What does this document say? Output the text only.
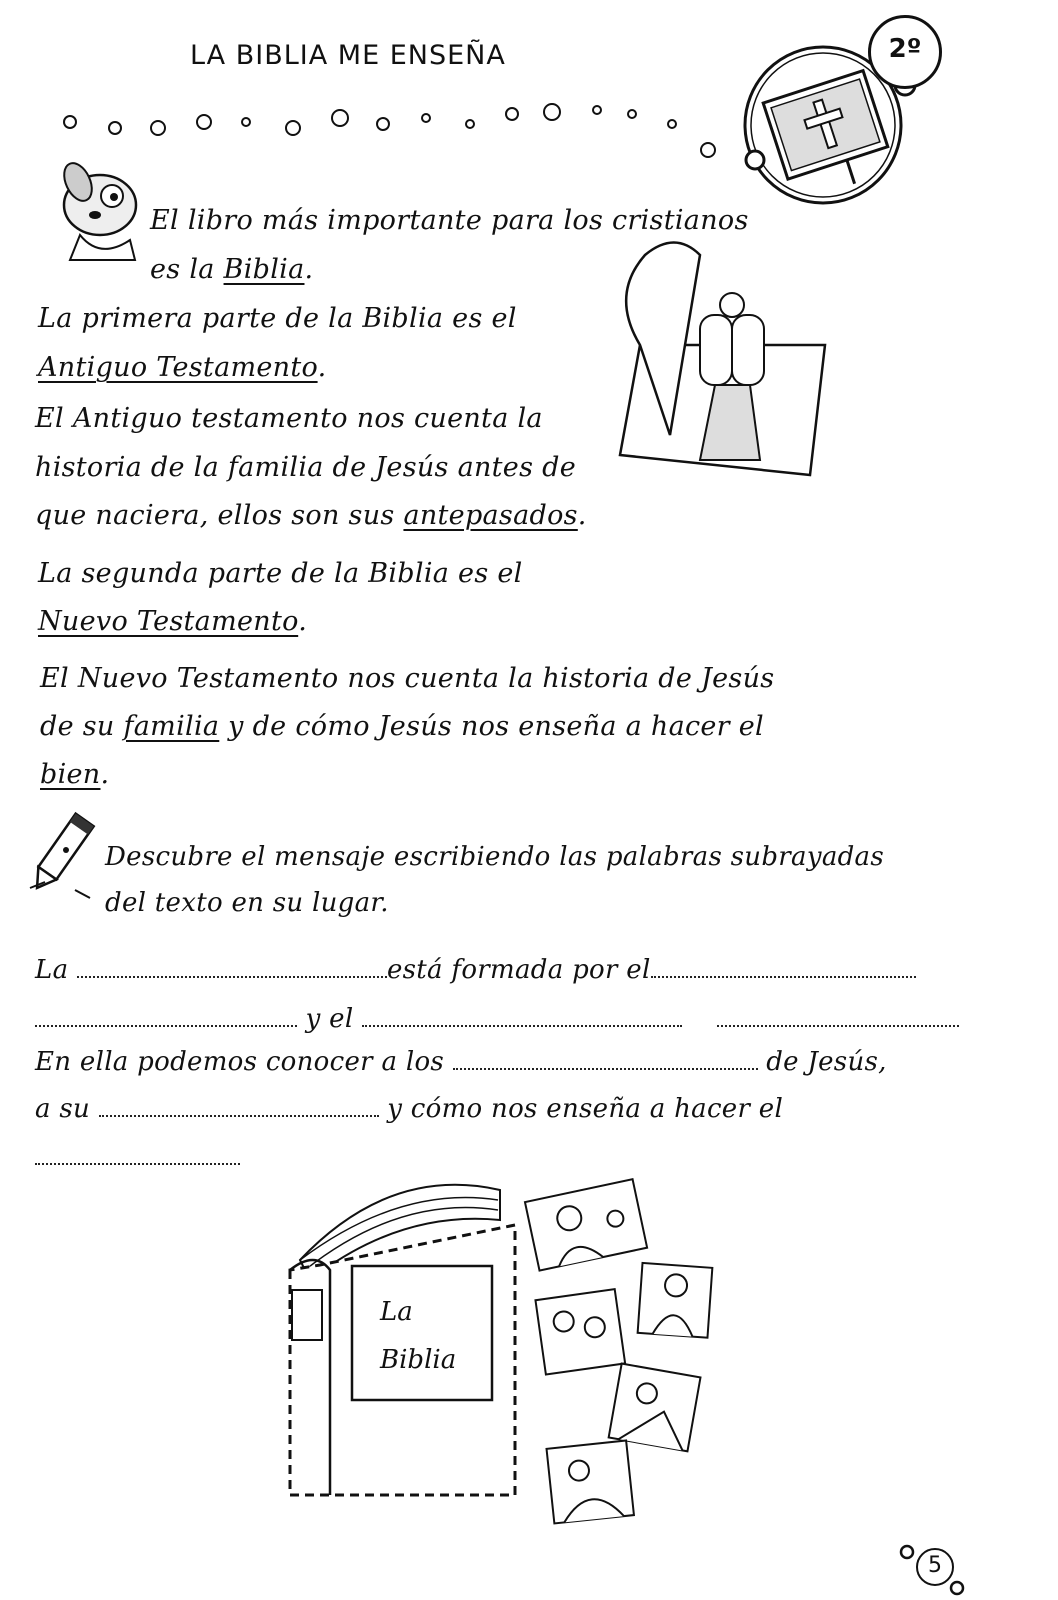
LA BIBLIA ME ENSEÑA	2º
El libro más importante para los cristianos
es la Biblia.
La primera parte de la Biblia es el
Antiguo Testamento.
El Antiguo testamento nos cuenta la
historia de la familia de Jesús antes de
que naciera, ellos son sus antepasados.
La segunda parte de la Biblia es el
Nuevo Testamento.
El Nuevo Testamento nos cuenta la historia de Jesús
de su familia y de cómo Jesús nos enseña a hacer el
bien.
Descubre el mensaje escribiendo las palabras subrayadas
del texto en su lugar.
La	está formada por el
y el
En ella podemos conocer a los	de Jesús,
a su	y cómo nos enseña a hacer el
La
Biblia
5
